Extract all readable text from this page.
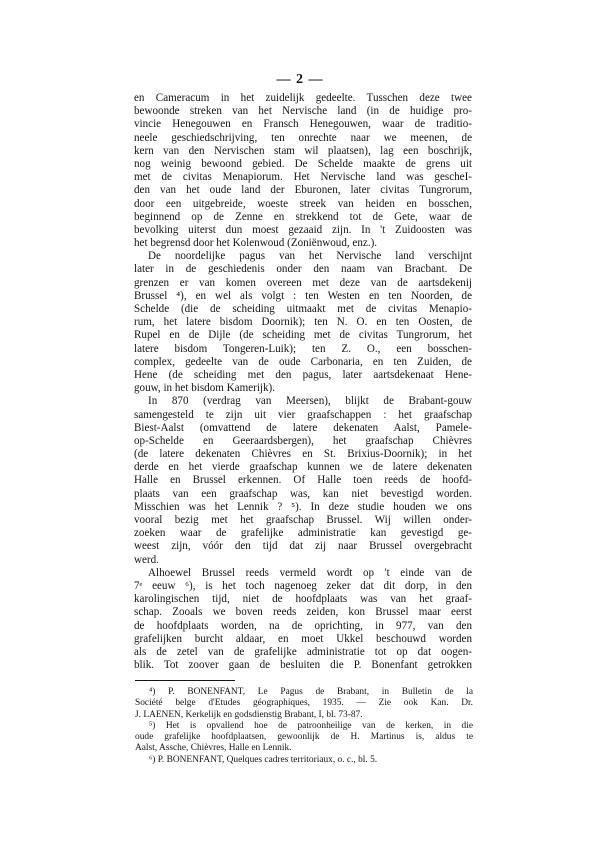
— 2 —
en Cameracum in het zuidelijk gedeelte. Tusschen deze twee
bewoonde streken van het Nervische land (in de huidige pro-
vincie Henegouwen en Fransch Henegouwen, waar de traditio-
neele geschiedschrijving, ten onrechte naar we meenen, de
kern van den Nervischen stam wil plaatsen), lag een boschrijk,
nog weinig bewoond gebied. De Schelde maakte de grens uit
met de civitas Menapiorum. Het Nervische land was gescheI-
den van het oude land der Eburonen, later civitas Tungrorum,
door een uitgebreide, woeste streek van heiden en bosschen,
beginnend op de Zenne en strekkend tot de Gete, waar de
bevolking uiterst dun moest gezaaid zijn. In 't Zuidoosten was
het begrensd door het Kolenwoud (Zoniënwoud, enz.).
De noordelijke pagus van het Nervische land verschijnt
later in de geschiedenis onder den naam van Bracbant. De
grenzen er van komen overeen met deze van de aartsdekenij
Brussel ⁴), en wel als volgt : ten Westen en ten Noorden, de
Schelde (die de scheiding uitmaakt met de civitas Menapio-
rum, het latere bisdom Doornik); ten N. O. en ten Oosten, de
Rupel en de Dijle (de scheiding met de civitas Tungrorum, het
latere bisdom Tongeren-Luik); ten Z. O., een bosschen-
complex, gedeelte van de oude Carbonaria, en ten Zuiden, de
Hene (de scheiding met den pagus, later aartsdekenaat Hene-
gouw, in het bisdom Kamerijk).
In 870 (verdrag van Meersen), blijkt de Brabant-gouw
samengesteld te zijn uit vier graafschappen : het graafschap
Biest-Aalst (omvattend de latere dekenaten Aalst, Pamele-
op-Schelde en Geeraardsbergen), het graafschap Chièvres
(de latere dekenaten Chièvres en St. Brixius-Doornik); in het
derde en het vierde graafschap kunnen we de latere dekenaten
Halle en Brussel erkennen. Of Halle toen reeds de hoofd-
plaats van een graafschap was, kan niet bevestigd worden.
Misschien was het Lennik ? ⁵). In deze studie houden we ons
vooral bezig met het graafschap Brussel. Wij willen onder-
zoeken waar de grafelijke administratie kan gevestigd ge-
weest zijn, vóór den tijd dat zij naar Brussel overgebracht
werd.
Alhoewel Brussel reeds vermeld wordt op 't einde van de
7ᵉ eeuw ⁶), is het toch nagenoeg zeker dat dit dorp, in den
karolingischen tijd, niet de hoofdplaats was van het graaf-
schap. Zooals we boven reeds zeiden, kon Brussel maar eerst
de hoofdplaats worden, na de oprichting, in 977, van den
grafelijken burcht aldaar, en moet Ukkel beschouwd worden
als de zetel van de grafelijke administratie tot op dat oogen-
blik. Tot zoover gaan de besluiten die P. Bonenfant getrokken
⁴) P. BONENFANT, Le Pagus de Brabant, in Bulletin de la
Société belge d'Etudes géographiques, 1935. — Zie ook Kan. Dr.
J. LAENEN, Kerkelijk en godsdienstig Brabant, I, bl. 73-87.
⁵) Het is opvallend hoe de patroonheilige van de kerken, in die
oude grafelijke hoofdplaatsen, gewoonlijk de H. Martinus is, aldus te
Aalst, Assche, Chièvres, Halle en Lennik.
⁶) P. BONENFANT, Quelques cadres territoriaux, o. c., bl. 5.
